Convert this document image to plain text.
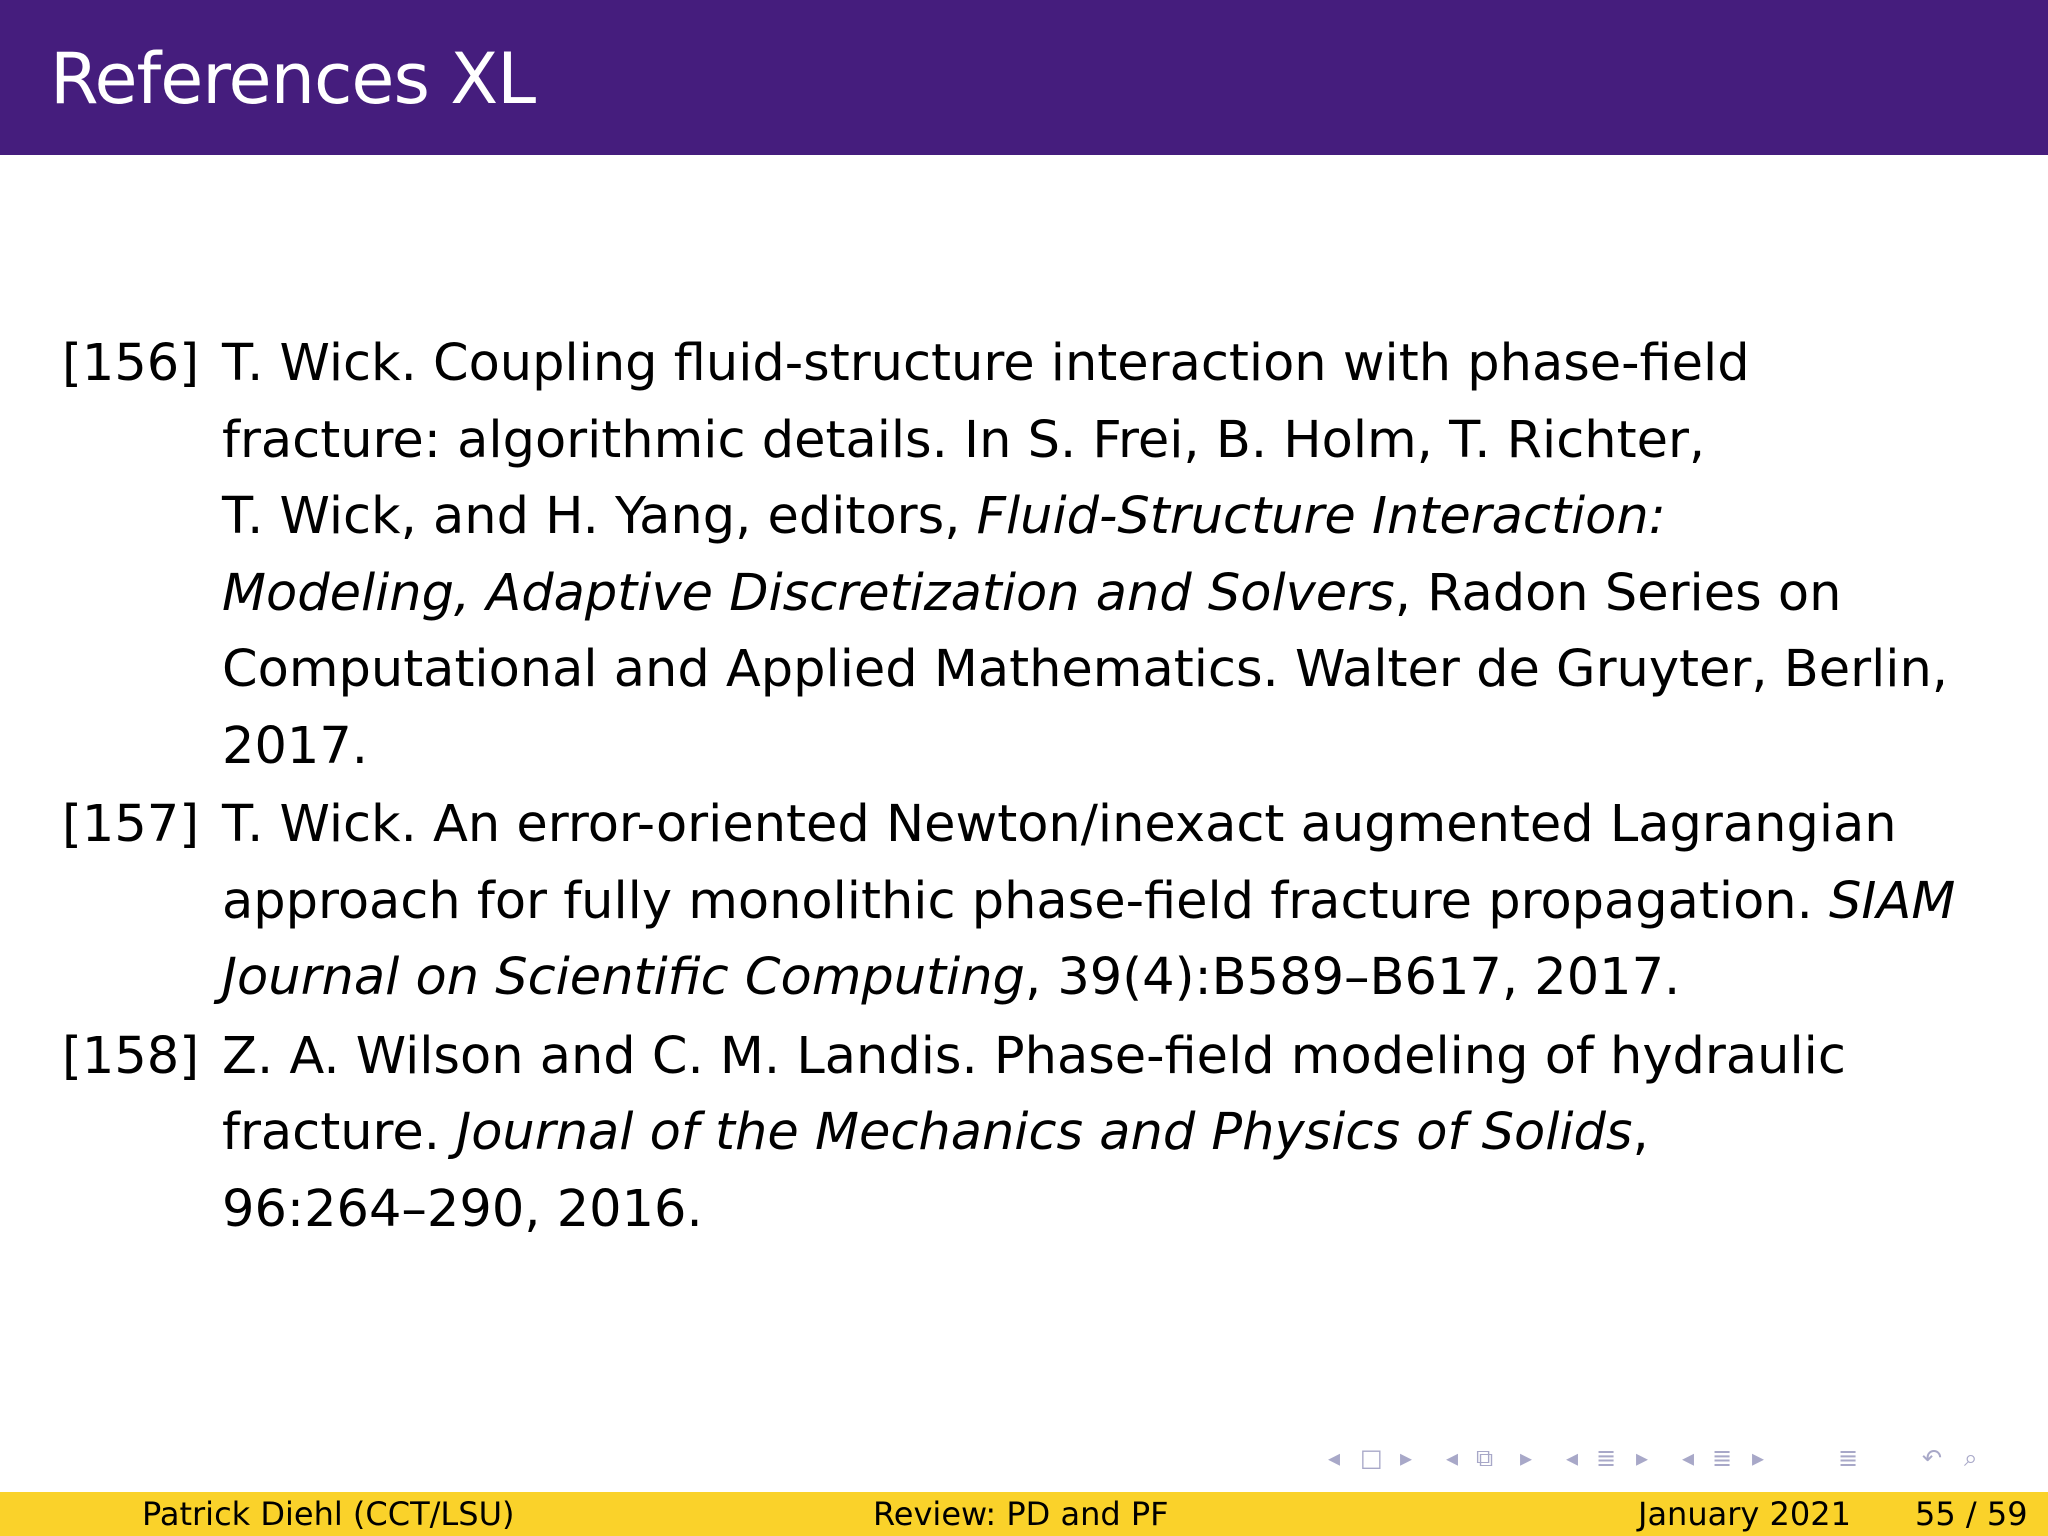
References XL
[156] T. Wick. Coupling fluid-structure interaction with phase-field
fracture: algorithmic details. In S. Frei, B. Holm, T. Richter,
T. Wick, and H. Yang, editors, Fluid-Structure Interaction:
Modeling, Adaptive Discretization and Solvers, Radon Series on
Computational and Applied Mathematics. Walter de Gruyter, Berlin,
2017.
[157] T. Wick. An error-oriented Newton/inexact augmented Lagrangian
approach for fully monolithic phase-field fracture propagation. SIAM
Journal on Scientific Computing, 39(4):B589–B617, 2017.
[158] Z. A. Wilson and C. M. Landis. Phase-field modeling of hydraulic
fracture. Journal of the Mechanics and Physics of Solids,
96:264–290, 2016.
◂ □ ▸ ◂ ⧉ ▸ ◂ ≣ ▸ ◂ ≣ ▸	≣	↶ ⌕
Patrick Diehl (CCT/LSU)	Review: PD and PF	January 2021 55 / 59
